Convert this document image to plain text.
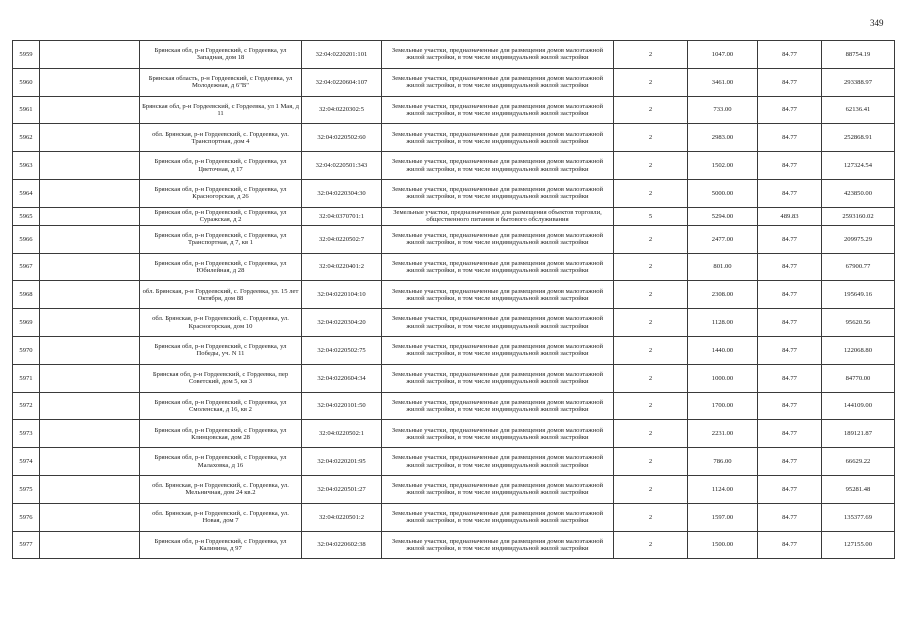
349
5959		Брянская обл, р-н Гордеевский, с Гордеевка, ул Западная, дом 18	32:04:0220201:101	Земельные участки, предназначенные для размещения домов малоэтажной жилой застройки, в том числе индивидуальной жилой застройки	2	1047.00	84.77	88754.19
5960		Брянская область, р-н Гордеевский, с Гордеевка, ул Молодежная, д 6"В"	32:04:0220604:107	Земельные участки, предназначенные для размещения домов малоэтажной жилой застройки, в том числе индивидуальной жилой застройки	2	3461.00	84.77	293388.97
5961		Брянская обл, р-н Гордеевский, с Гордеевка, ул 1 Мая, д 11	32:04:0220302:5	Земельные участки, предназначенные для размещения домов малоэтажной жилой застройки, в том числе индивидуальной жилой застройки	2	733.00	84.77	62136.41
5962		обл. Брянская, р-н Гордеевский, с. Гордеевка, ул. Транспортная, дом 4	32:04:0220502:60	Земельные участки, предназначенные для размещения домов малоэтажной жилой застройки, в том числе индивидуальной жилой застройки	2	2983.00	84.77	252868.91
5963		Брянская обл, р-н Гордеевский, с Гордеевка, ул Цветочная, д 17	32:04:0220501:343	Земельные участки, предназначенные для размещения домов малоэтажной жилой застройки, в том числе индивидуальной жилой застройки	2	1502.00	84.77	127324.54
5964		Брянская обл, р-н Гордеевский, с Гордеевка, ул Красногорская, д 26	32:04:0220304:30	Земельные участки, предназначенные для размещения домов малоэтажной жилой застройки, в том числе индивидуальной жилой застройки	2	5000.00	84.77	423850.00
5965		Брянская обл, р-н Гордеевский, с Гордеевка, ул Суражская, д 2	32:04:0370701:1	Земельные участки, предназначенные для размещения объектов торговли, общественного питания и бытового обслуживания	5	5294.00	489.83	2593160.02
5966		Брянская обл, р-н Гордеевский, с Гордеевка, ул Транспортная, д 7, кв 1	32:04:0220502:7	Земельные участки, предназначенные для размещения домов малоэтажной жилой застройки, в том числе индивидуальной жилой застройки	2	2477.00	84.77	209975.29
5967		Брянская обл, р-н Гордеевский, с Гордеевка, ул Юбилейная, д 28	32:04:0220401:2	Земельные участки, предназначенные для размещения домов малоэтажной жилой застройки, в том числе индивидуальной жилой застройки	2	801.00	84.77	67900.77
5968		обл. Брянская, р-н Гордеевский, с. Гордеевка, ул. 15 лет Октября, дом 88	32:04:0220104:10	Земельные участки, предназначенные для размещения домов малоэтажной жилой застройки, в том числе индивидуальной жилой застройки	2	2308.00	84.77	195649.16
5969		обл. Брянская, р-н Гордеевский, с. Гордеевка, ул. Красногорская, дом 10	32:04:0220304:20	Земельные участки, предназначенные для размещения домов малоэтажной жилой застройки, в том числе индивидуальной жилой застройки	2	1128.00	84.77	95620.56
5970		Брянская обл, р-н Гордеевский, с Гордеевка, ул Победы, уч. N 11	32:04:0220502:75	Земельные участки, предназначенные для размещения домов малоэтажной жилой застройки, в том числе индивидуальной жилой застройки	2	1440.00	84.77	122068.80
5971		Брянская обл, р-н Гордеевский, с Гордеевка, пер Советский, дом 5, кв 3	32:04:0220604:34	Земельные участки, предназначенные для размещения домов малоэтажной жилой застройки, в том числе индивидуальной жилой застройки	2	1000.00	84.77	84770.00
5972		Брянская обл, р-н Гордеевский, с Гордеевка, ул Смоленская, д 16, кв 2	32:04:0220101:50	Земельные участки, предназначенные для размещения домов малоэтажной жилой застройки, в том числе индивидуальной жилой застройки	2	1700.00	84.77	144109.00
5973		Брянская обл, р-н Гордеевский, с Гордеевка, ул Клинцовская, дом 28	32:04:0220502:1	Земельные участки, предназначенные для размещения домов малоэтажной жилой застройки, в том числе индивидуальной жилой застройки	2	2231.00	84.77	189121.87
5974		Брянская обл, р-н Гордеевский, с Гордеевка, ул Малаховка, д 16	32:04:0220201:95	Земельные участки, предназначенные для размещения домов малоэтажной жилой застройки, в том числе индивидуальной жилой застройки	2	786.00	84.77	66629.22
5975		обл. Брянская, р-н Гордеевский, с. Гордеевка, ул. Мельничная, дом 24 кв.2	32:04:0220501:27	Земельные участки, предназначенные для размещения домов малоэтажной жилой застройки, в том числе индивидуальной жилой застройки	2	1124.00	84.77	95281.48
5976		обл. Брянская, р-н Гордеевский, с. Гордеевка, ул. Новая, дом 7	32:04:0220501:2	Земельные участки, предназначенные для размещения домов малоэтажной жилой застройки, в том числе индивидуальной жилой застройки	2	1597.00	84.77	135377.69
5977		Брянская обл, р-н Гордеевский, с Гордеевка, ул Калинина, д 97	32:04:0220602:38	Земельные участки, предназначенные для размещения домов малоэтажной жилой застройки, в том числе индивидуальной жилой застройки	2	1500.00	84.77	127155.00
